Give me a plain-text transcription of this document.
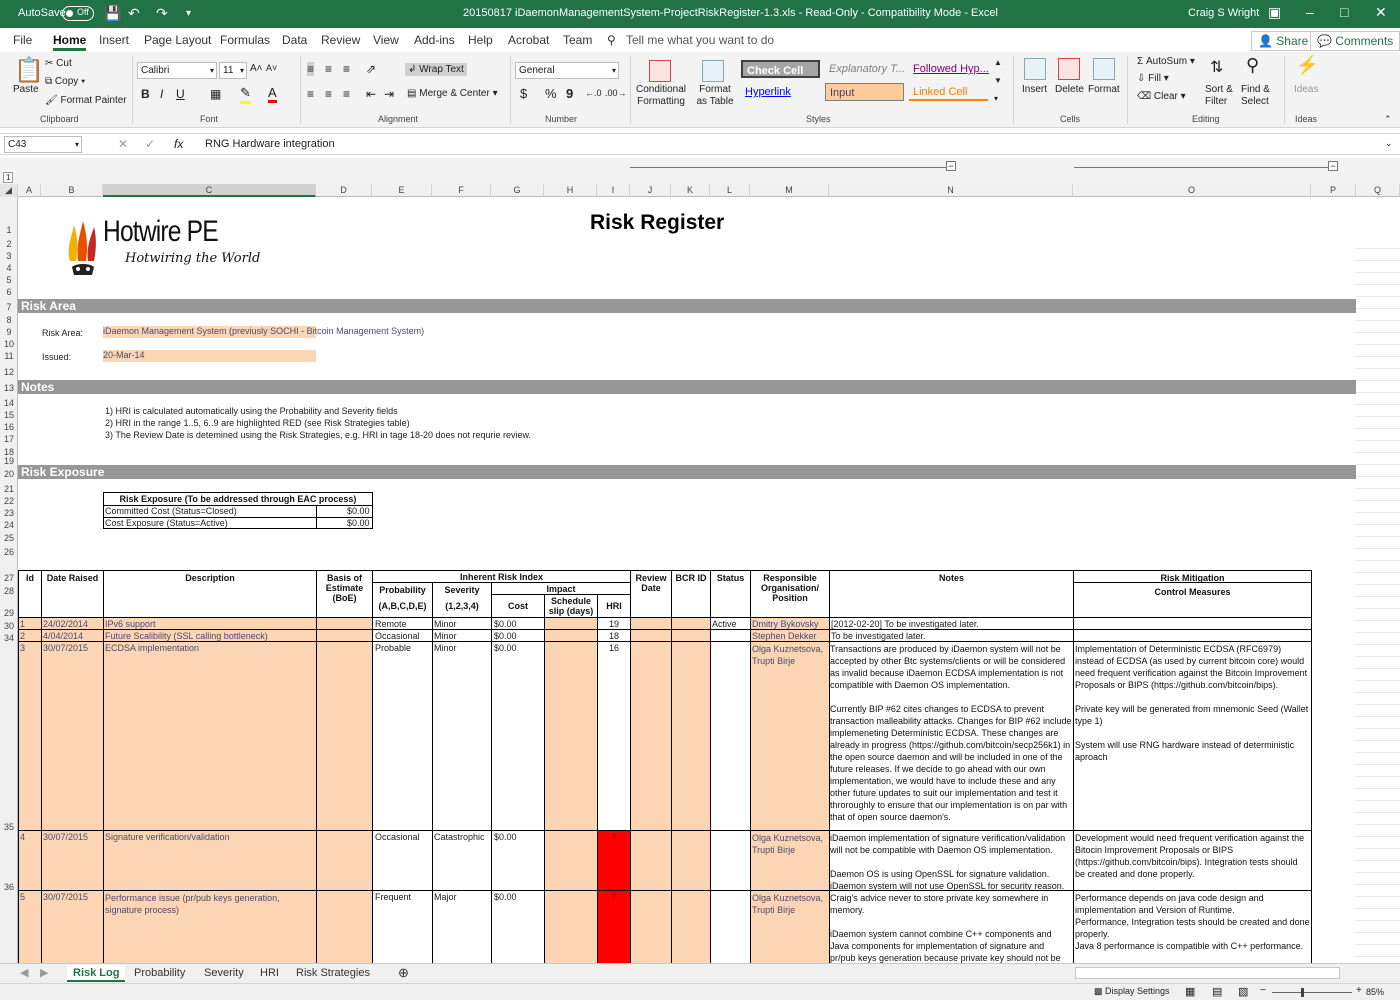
AutoSave Off 💾 ↶ ↷ ▾	20150817 iDaemonManagementSystem-ProjectRiskRegister-1.3.xls - Read-Only - Compatibility Mode - Excel	Craig S Wright ▣ – □ ✕
File Home Insert Page Layout Formulas Data Review View Add-ins Help Acrobat Team ⚲ Tell me what you want to do	👤 Share 💬 Comments
📋
Paste
✂ Cut
⧉ Copy ▾
🖌 Format Painter
Clipboard
Calibri	▾ 11 ▾ A˄ A˅
B I U ▦ ✎ A
Font
≡ ≡ ≡ ⇗
≡ ≡ ≡ ⇤ ⇥
↲ Wrap Text
▤ Merge & Center ▾
Alignment
General	▾
$ % 9 ←.0 .00→
Number
Conditional Formatting
Format as Table
Check Cell	Explanatory T... Followed Hyp...
Hyperlink	Input	Linked Cell
▲
▼
▾
Styles
Insert Delete Format
Cells
Σ AutoSum ▾
⇩ Fill ▾
⌫ Clear ▾
⇅
Sort & Filter
⚲
Find & Select
Editing
⚡
Ideas
Ideas	⌃
C43	▾	✕ ✓ fx RNG Hardware integration	⌄
1
−	−
◢	A	B	C	D	E	F	G	H	I	J	K	L	M	N	O	P	Q
1
2
3
4
5
6
7
8
9
10
11
12
13
14
15
16
17
18
19
20
21
22
23
24
25
26
27
28
29
30
34
35
36
Hotwire PE
Hotwiring the World
Risk Register
Risk Area
Risk Area: iDaemon Management System (previusly SOCHI - Bitcoin Management System)
Issued:	20-Mar-14
Notes
1) HRI is calculated automatically using the Probability and Severity fields
2) HRI in the range 1..5, 6..9 are highlighted RED (see Risk Strategies table)
3) The Review Date is detemined using the Risk Strategies, e.g. HRI in tage 18-20 does not requrie review.
Risk Exposure
Risk Exposure (To be addressed through EAC process)
Committed Cost (Status=Closed)	$0.00
Cost Exposure (Status=Active)	$0.00
Id	Date Raised	Description	Basis of Estimate (BoE)
Inherent Risk Index
Probability
(A,B,C,D,E)
Severity
(1,2,3,4)
Impact
Cost	Schedule slip (days)	HRI
Review Date
BCR ID	Status	Responsible Organisation/ Position
Notes	Risk Mitigation
Control Measures
1 24/02/2014 IPv6 support	Remote	Minor	$0.00	19	Active Dmitry Bykovsky [2012-02-20] To be investigated later.
2 4/04/2014 Future Scalibility (SSL calling bottleneck)	Occasional Minor	$0.00	18	Stephen Dekker To be investigated later.
3 30/07/2015 ECDSA implementation	Probable	Minor	$0.00	16	Olga Kuznetsova, Trupti Birje
Transactions are produced by iDaemon system will not be accepted by other Btc systems/clients or will be considered as invalid because iDaemon ECDSA implementation is not compatible with Daemon OS implementation.

Currently BIP #62 cites changes to ECDSA to prevent transaction malleability attacks. Changes for BIP #62 include implemeneting Deterministic ECDSA. These changes are already in progress (https://github.com/bitcoin/secp256k1) in the open source daemon and will be included in one of the future releases. If we decide to go ahead with our own implementation, we would have to include these and any other future updates to suit our implementation and test it throroughly to ensure that our implementation is on par with that of open source daemon's.
Implementation of Deterministic ECDSA (RFC6979) instead of ECDSA (as used by current bitcoin core) would need frequent verification against the Bitcoin Improvement Proposals or BIPS (https://github.com/bitcoin/bips).

Private key will be generated from mnemonic Seed (Wallet type 1)

System will use RNG hardware instead of deterministic aproach
4 30/07/2015 Signature verification/validation	Occasional Catastrophic $0.00	4	Olga Kuznetsova, Trupti Birje
iDaemon implementation of signature verification/validation will not be compatible with Daemon OS implementation.

Daemon OS is using OpenSSL for signature validation. iDaemon system will not use OpenSSL for security reason.
Development would need frequent verification against the Bitocin Improvement Proposals or BIPS (https://github.com/bitcoin/bips). Integration tests should be created and done properly.
5 30/07/2015 Performance issue (pr/pub keys generation, signature process)
Frequent	Major	$0.00	7	Olga Kuznetsova, Trupti Birje
Craig's advice never to store private key somewhere in memory.

iDaemon system cannot combine C++ components and Java components for implementation of signature and pr/pub keys generation because private key should not be
Performance depends on java code design and implementation and Version of Runtime.
Performance, Integration tests should be created and done properly.
Java 8 performance is compatible with C++ performance.
◀	▶	Risk Log	Probability	Severity	HRI	Risk Strategies	⊕
▩ Display Settings ▦ ▤ ▧ −	+ 85%
